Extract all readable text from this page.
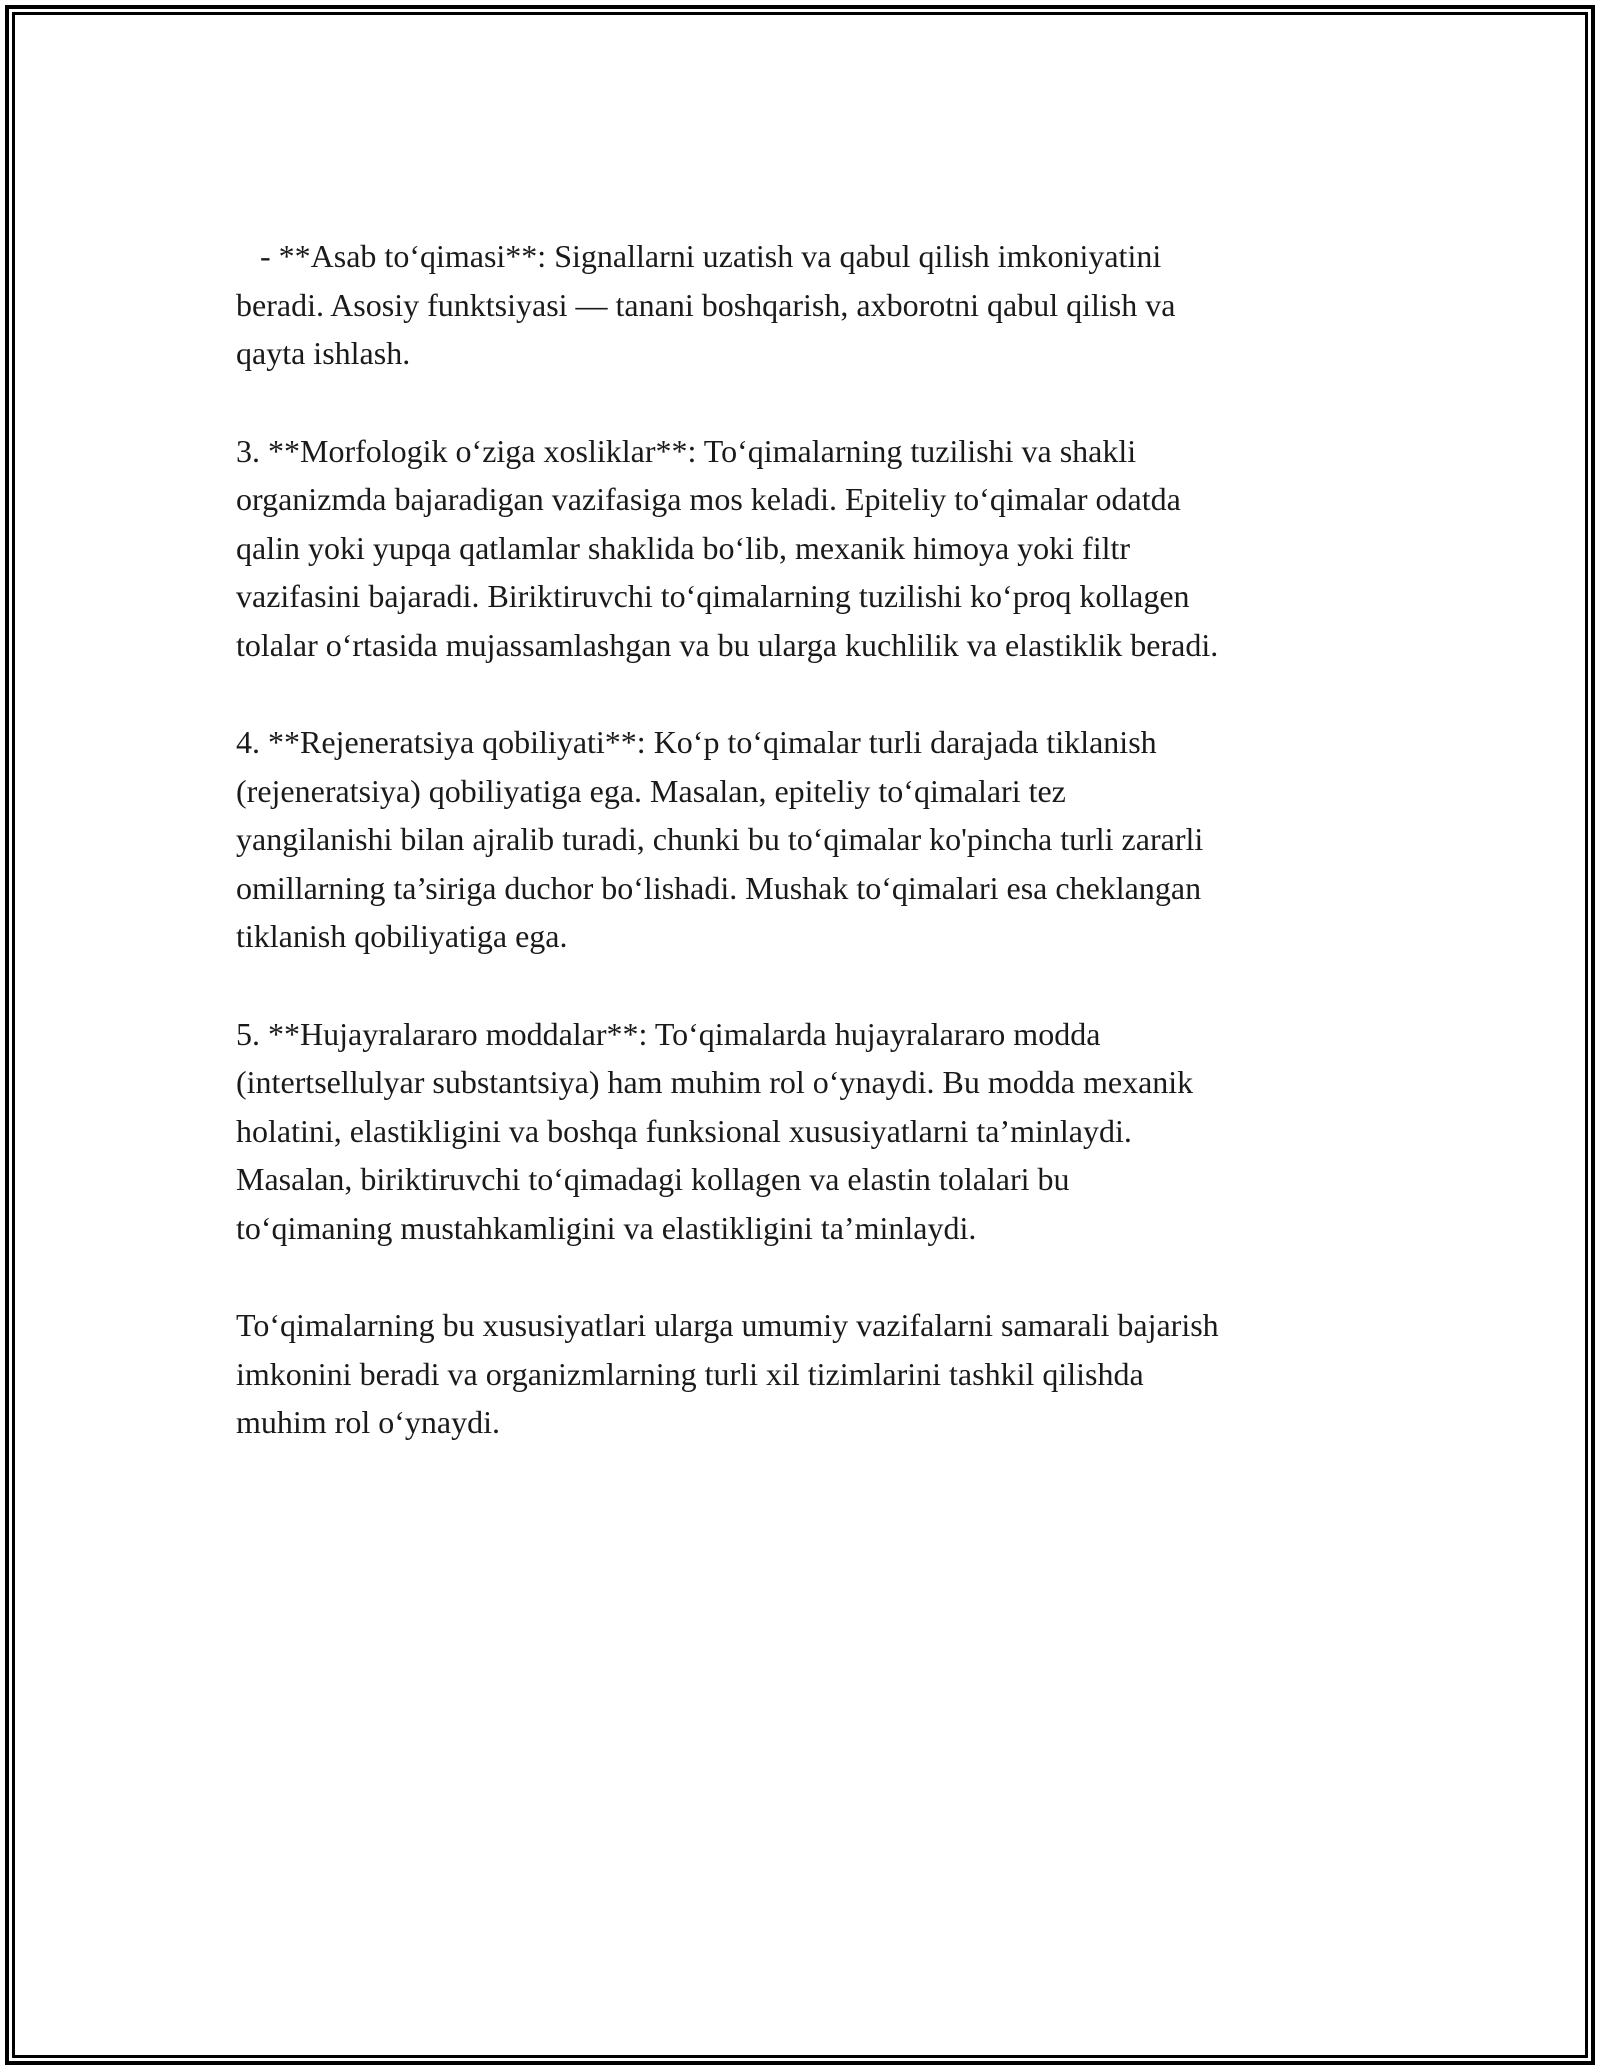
- **Asab to‘qimasi**: Signallarni uzatish va qabul qilish imkoniyatini
beradi. Asosiy funktsiyasi — tanani boshqarish, axborotni qabul qilish va
qayta ishlash.

3. **Morfologik o‘ziga xosliklar**: To‘qimalarning tuzilishi va shakli
organizmda bajaradigan vazifasiga mos keladi. Epiteliy to‘qimalar odatda
qalin yoki yupqa qatlamlar shaklida bo‘lib, mexanik himoya yoki filtr
vazifasini bajaradi. Biriktiruvchi to‘qimalarning tuzilishi ko‘proq kollagen
tolalar o‘rtasida mujassamlashgan va bu ularga kuchlilik va elastiklik beradi.

4. **Rejeneratsiya qobiliyati**: Ko‘p to‘qimalar turli darajada tiklanish
(rejeneratsiya) qobiliyatiga ega. Masalan, epiteliy to‘qimalari tez
yangilanishi bilan ajralib turadi, chunki bu to‘qimalar ko'pincha turli zararli
omillarning ta’siriga duchor bo‘lishadi. Mushak to‘qimalari esa cheklangan
tiklanish qobiliyatiga ega.

5. **Hujayralararo moddalar**: To‘qimalarda hujayralararo modda
(intertsellulyar substantsiya) ham muhim rol o‘ynaydi. Bu modda mexanik
holatini, elastikligini va boshqa funksional xususiyatlarni ta’minlaydi.
Masalan, biriktiruvchi to‘qimadagi kollagen va elastin tolalari bu
to‘qimaning mustahkamligini va elastikligini ta’minlaydi.

To‘qimalarning bu xususiyatlari ularga umumiy vazifalarni samarali bajarish
imkonini beradi va organizmlarning turli xil tizimlarini tashkil qilishda
muhim rol o‘ynaydi.
